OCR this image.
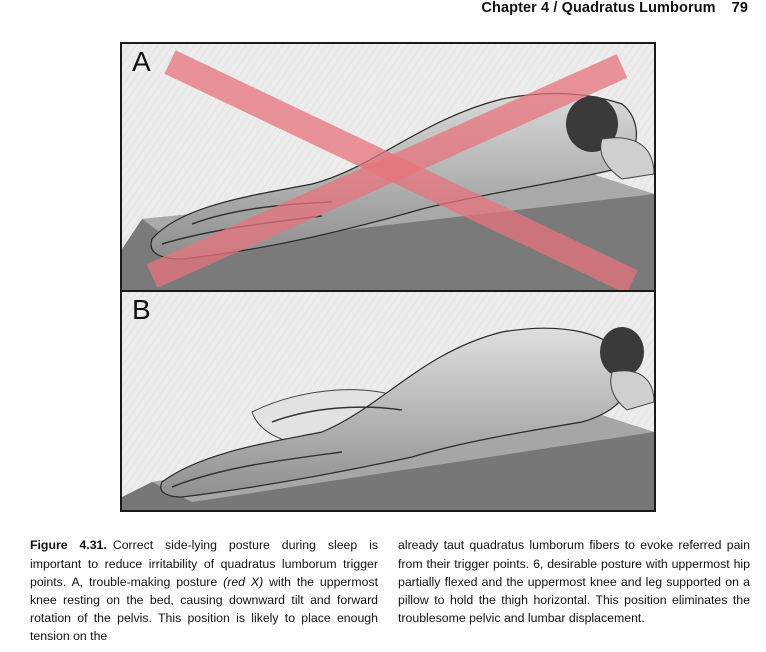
Chapter 4 / Quadratus Lumborum 79
A
B

Figure 4.31. Correct side-lying posture during sleep is important to reduce irritability of quadratus lumborum trigger points. A, trouble-making posture (red X) with the uppermost knee resting on the bed, causing downward tilt and forward rotation of the pelvis. This position is likely to place enough tension on the

already taut quadratus lumborum fibers to evoke referred pain from their trigger points. 6, desirable posture with uppermost hip partially flexed and the uppermost knee and leg supported on a pillow to hold the thigh horizontal. This position eliminates the troublesome pelvic and lumbar displacement.
